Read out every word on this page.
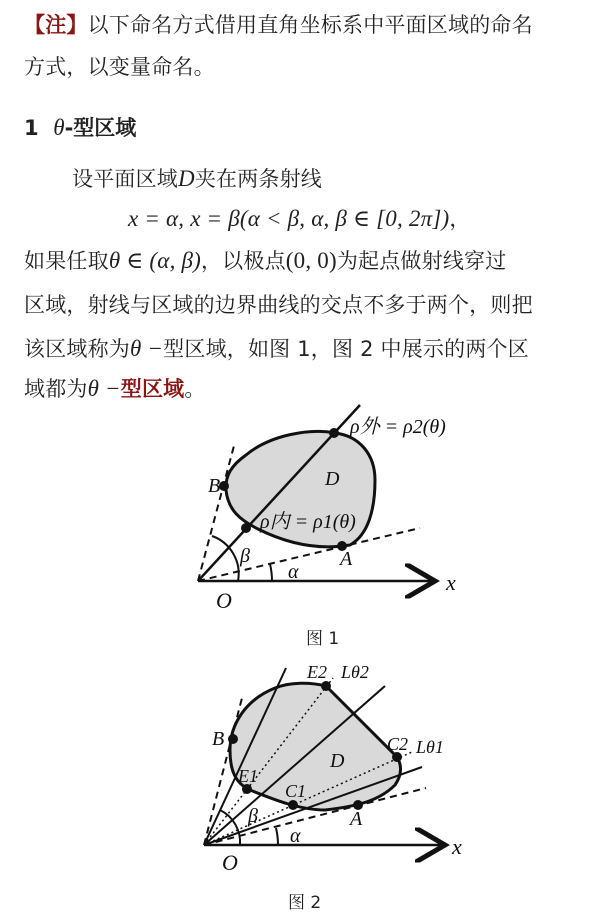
【注】以下命名方式借用直角坐标系中平面区域的命名
方式，以变量命名。
1 θ-型区域
设平面区域D夹在两条射线
x = α, x = β(α < β, α, β ∈ [0, 2π])，
如果任取θ ∈ (α, β)，以极点(0, 0)为起点做射线穿过
区域，射线与区域的边界曲线的交点不多于两个，则把
该区域称为θ −型区域，如图 1，图 2 中展示的两个区
域都为θ −型区域。
ρ外 = ρ2(θ)
B	D
ρ内 = ρ1(θ)
A
β
α	x
O
图 1
E2 Lθ2
B	C2 Lθ1
D
E1
C1
β	A
α	x
O
图 2
